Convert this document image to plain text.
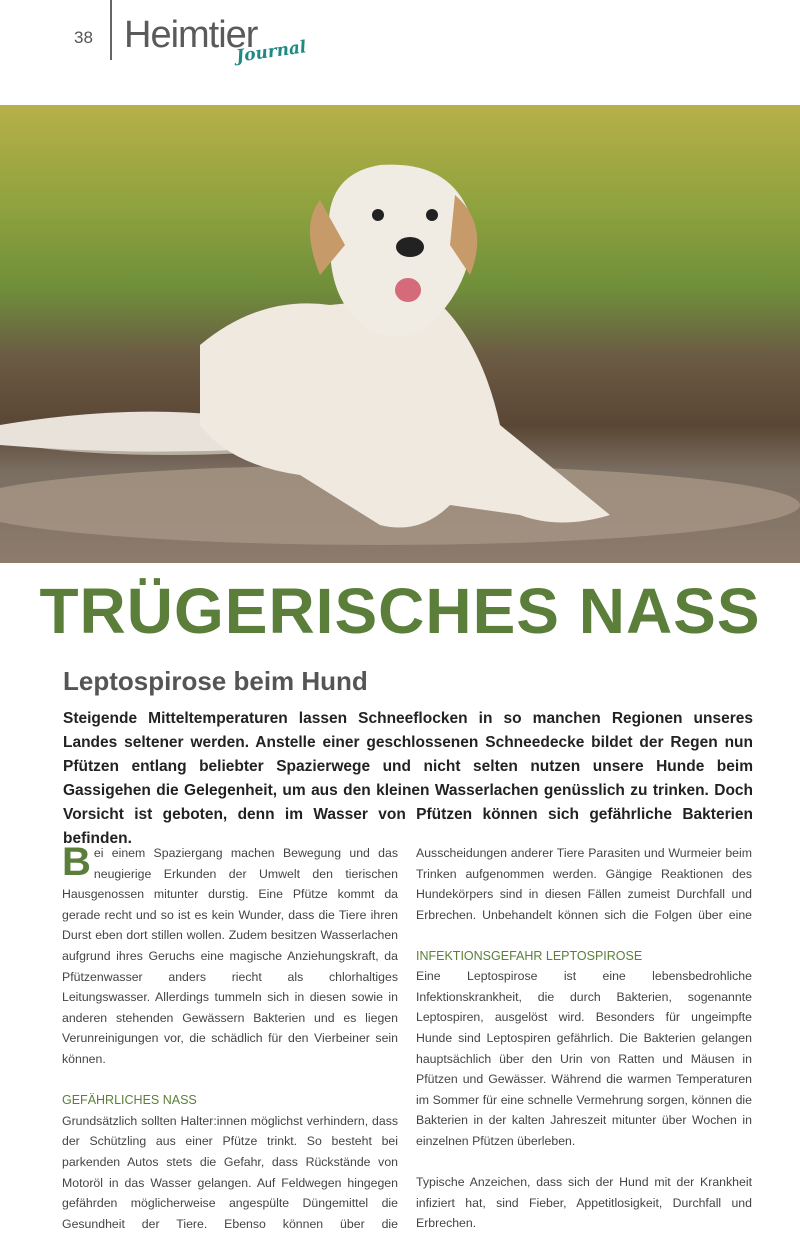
38 Heimtier
Journal
TRÜGERISCHES NASS
Leptospirose beim Hund

Steigende Mitteltemperaturen lassen Schneeflocken in so manchen Regionen unseres Landes seltener werden. Anstelle einer geschlossenen Schneedecke bildet der Regen nun Pfützen entlang beliebter Spazierwege und nicht selten nutzen unsere Hunde beim Gassigehen die Gelegenheit, um aus den kleinen Wasserlachen genüsslich zu trinken. Doch Vorsicht ist geboten, denn im Wasser von Pfützen können sich gefährliche Bakterien befinden.

Bei einem Spaziergang machen Bewegung und das neugierige Erkunden der Umwelt den tierischen Hausgenossen mitunter durstig. Eine Pfütze kommt da gerade recht und so ist es kein Wunder, dass die Tiere ihren Durst eben dort stillen wollen. Zudem besitzen Wasserlachen aufgrund ihres Geruchs eine magische Anziehungskraft, da Pfützenwasser anders riecht als chlorhaltiges Leitungswasser. Allerdings tummeln sich in diesen sowie in anderen stehenden Gewässern Bakterien und es liegen Verunreinigungen vor, die schädlich für den Vierbeiner sein können.

GEFÄHRLICHES NASS

Grundsätzlich sollten Halter:innen möglichst verhindern, dass der Schützling aus einer Pfütze trinkt. So besteht bei parkenden Autos stets die Gefahr, dass Rückstände von Motoröl in das Wasser gelangen. Auf Feldwegen hingegen gefährden möglicherweise angespülte Düngemittel die Gesundheit der Tiere. Ebenso können über die

Ausscheidungen anderer Tiere Parasiten und Wurmeier beim Trinken aufgenommen werden. Gängige Reaktionen des Hundekörpers sind in diesen Fällen zumeist Durchfall und Erbrechen. Unbehandelt können sich die Folgen über eine

INFEKTIONSGEFAHR LEPTOSPIROSE

Eine Leptospirose ist eine lebensbedrohliche Infektionskrankheit, die durch Bakterien, sogenannte Leptospiren, ausgelöst wird. Besonders für ungeimpfte Hunde sind Leptospiren gefährlich. Die Bakterien gelangen hauptsächlich über den Urin von Ratten und Mäusen in Pfützen und Gewässer. Während die warmen Temperaturen im Sommer für eine schnelle Vermehrung sorgen, können die Bakterien in der kalten Jahreszeit mitunter über Wochen in einzelnen Pfützen überleben.

Typische Anzeichen, dass sich der Hund mit der Krankheit infiziert hat, sind Fieber, Appetitlosigkeit, Durchfall und Erbrechen.
